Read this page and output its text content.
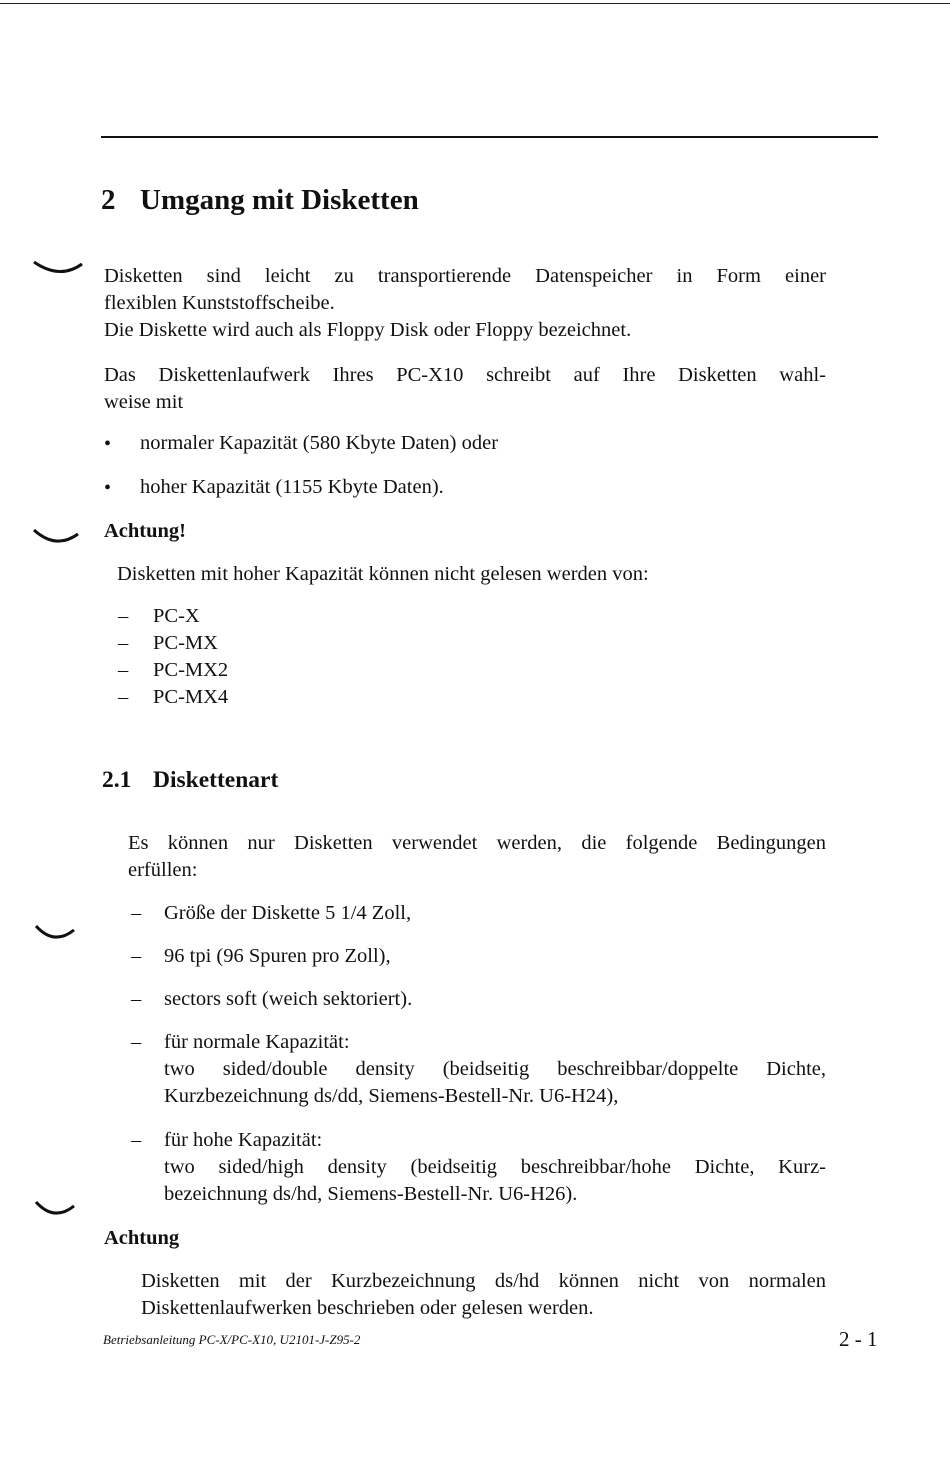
2 Umgang mit Disketten
Disketten sind leicht zu transportierende Datenspeicher in Form einer
flexiblen Kunststoffscheibe.
Die Diskette wird auch als Floppy Disk oder Floppy bezeichnet.
Das Diskettenlaufwerk Ihres PC-X10 schreibt auf Ihre Disketten wahl-
weise mit
• normaler Kapazität (580 Kbyte Daten) oder
• hoher Kapazität (1155 Kbyte Daten).
Achtung!
Disketten mit hoher Kapazität können nicht gelesen werden von:
– PC-X
– PC-MX
– PC-MX2
– PC-MX4
2.1 Diskettenart
Es können nur Disketten verwendet werden, die folgende Bedingungen
erfüllen:
– Größe der Diskette 5 1/4 Zoll,
– 96 tpi (96 Spuren pro Zoll),
– sectors soft (weich sektoriert).
– für normale Kapazität:
two sided/double density (beidseitig beschreibbar/doppelte Dichte,
Kurzbezeichnung ds/dd, Siemens-Bestell-Nr. U6-H24),
– für hohe Kapazität:
two sided/high density (beidseitig beschreibbar/hohe Dichte, Kurz-
bezeichnung ds/hd, Siemens-Bestell-Nr. U6-H26).
Achtung
Disketten mit der Kurzbezeichnung ds/hd können nicht von normalen
Diskettenlaufwerken beschrieben oder gelesen werden.
Betriebsanleitung PC-X/PC-X10, U2101-J-Z95-2	2 - 1
